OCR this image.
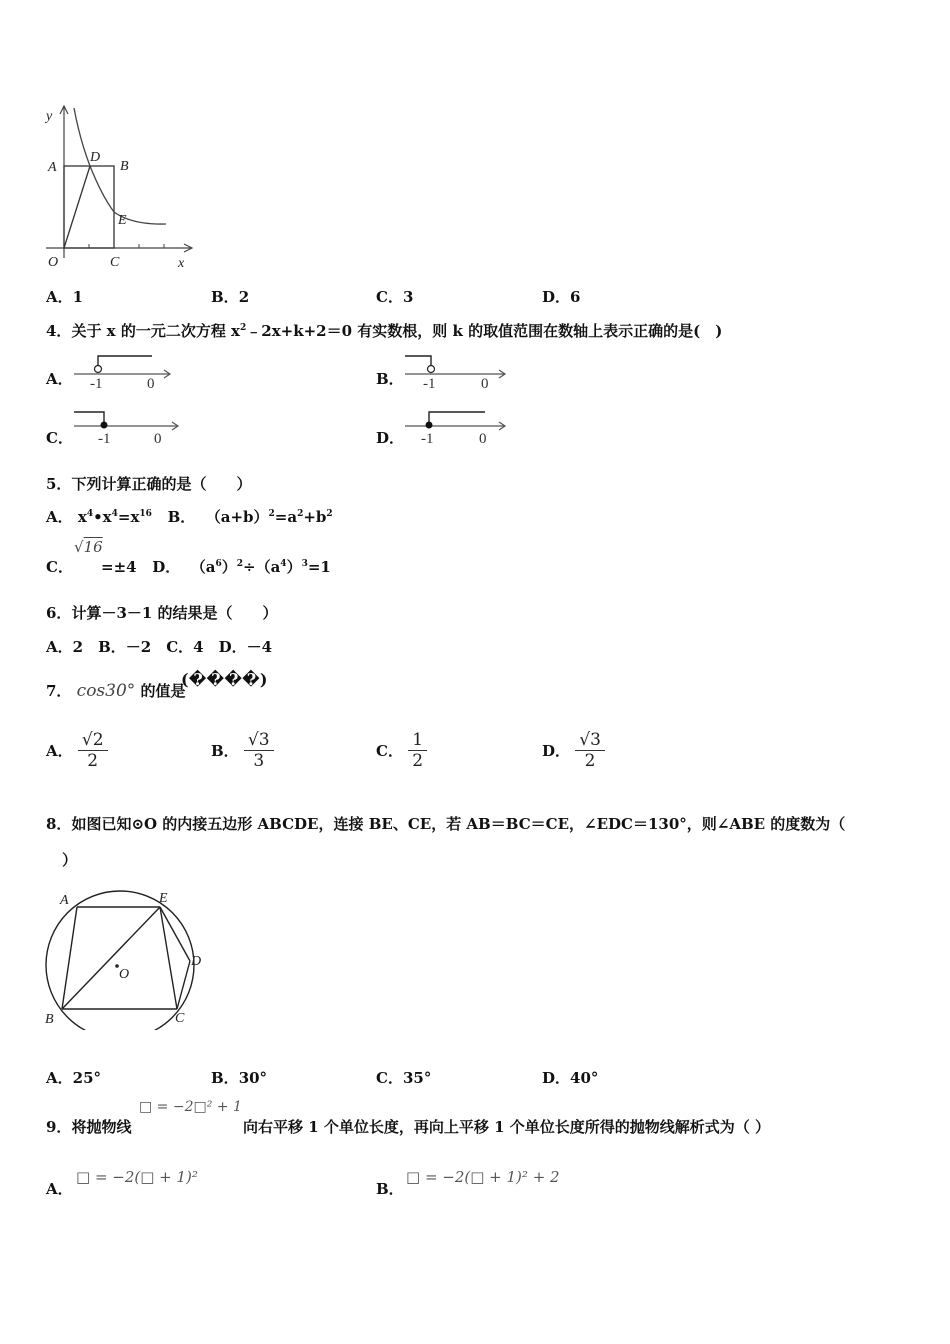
y
x
O
A
D
B
E
C
A．1	B．2	C．3	D．6
4．关于 x 的一元二次方程 $x^2﹣2x+k+2=0$ 有实数根，则 k 的取值范围在数轴上表示正确的是(　)
A． -1	0	B． -1	0
C． -1	0	D． -1	0
5．下列计算正确的是（　　）
A． $x^4•x^4=x^{16}$ B．  $(a+b)^2=a^2+b^2$
C．
√16
=±4 D．  $(a^6)^2\div(a^4)^3=1$
6．计算－3－1 的结果是（　　）
A．2　B．－2　C．4　D．－4
7． cos30° 的值是
(����)
A． $\frac{√2}{2}$	B． $\frac{√3}{3}$	C． $\frac{1}{2}$	D． $\frac{√3}{2}$
8．如图已知⊙O 的内接五边形 ABCDE，连接 BE、CE，若 AB＝BC＝CE，∠EDC＝130°，则∠ABE 的度数为（
）
A	E
D
O
B	C
A．25°	B．30°	C．35°	D．40°
9．将抛物线
□ = −2□² + 1
向右平移 1 个单位长度，再向上平移 1 个单位长度所得的抛物线解析式为（ ）
A．
□ = −2(□ + 1)²
B．
□ = −2(□ + 1)² + 2
